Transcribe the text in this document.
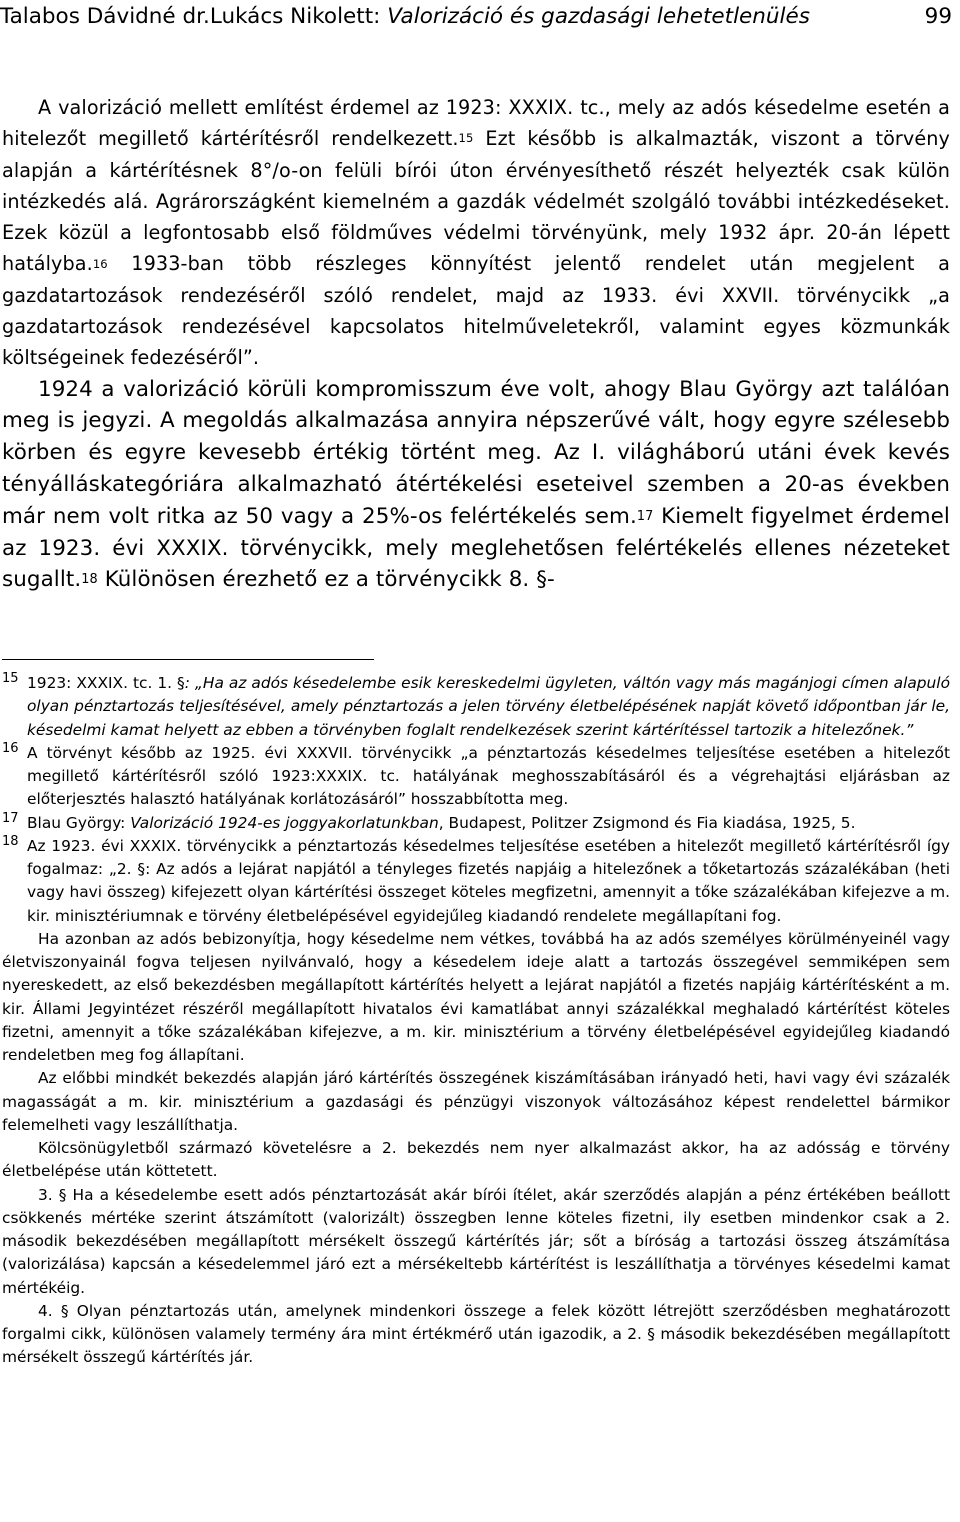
Talabos Dávidné dr.Lukács Nikolett: Valorizáció és gazdasági lehetetlenülés	99

A valorizáció mellett említést érdemel az 1923: XXXIX. tc., mely az adós késedelme esetén a hitelezőt megillető kártérítésről rendelkezett.$^{15}$ Ezt később is alkalmazták, viszont a törvény alapján a kártérítésnek 8°/o-on felüli bírói úton érvényesíthető részét helyezték csak külön intézkedés alá. Agrárországként kiemelném a gazdák védelmét szolgáló további intézkedéseket. Ezek közül a legfontosabb első földműves védelmi törvényünk, mely 1932 ápr. 20-án lépett hatályba.$^{16}$ 1933-ban több részleges könnyítést jelentő rendelet után megjelent a gazdatartozások rendezéséről szóló rendelet, majd az 1933. évi XXVII. törvénycikk „a gazdatartozások rendezésével kapcsolatos hitelműveletekről, valamint egyes közmunkák költségeinek fedezéséről”.

1924 a valorizáció körüli kompromisszum éve volt, ahogy Blau György azt találóan meg is jegyzi. A megoldás alkalmazása annyira népszerűvé vált, hogy egyre szélesebb körben és egyre kevesebb értékig történt meg. Az I. világháború utáni évek kevés tényálláskategóriára alkalmazható átértékelési eseteivel szemben a 20-as években már nem volt ritka az 50 vagy a 25%-os felértékelés sem.$^{17}$ Kiemelt figyelmet érdemel az 1923. évi XXXIX. törvénycikk, mely meglehetősen felértékelés ellenes nézeteket sugallt.$^{18}$ Különösen érezhető ez a törvénycikk 8. §-

15 1923: XXXIX. tc. 1. §: „Ha az adós késedelembe esik kereskedelmi ügyleten, váltón vagy más magánjogi címen alapuló olyan pénztartozás teljesítésével, amely pénztartozás a jelen törvény életbelépésének napját követő időpontban jár le, késedelmi kamat helyett az ebben a törvényben foglalt rendelkezések szerint kártérítéssel tartozik a hitelezőnek.”
16 A törvényt később az 1925. évi XXXVII. törvénycikk „a pénztartozás késedelmes teljesítése esetében a hitelezőt megillető kártérítésről szóló 1923:XXXIX. tc. hatályának meghosszabításáról és a végrehajtási eljárásban az előterjesztés halasztó hatályának korlátozásáról” hosszabbította meg.
17 Blau György: Valorizáció 1924-es joggyakorlatunkban, Budapest, Politzer Zsigmond és Fia kiadása, 1925, 5.
18 Az 1923. évi XXXIX. törvénycikk a pénztartozás késedelmes teljesítése esetében a hitelezőt megillető kártérítésről így fogalmaz: „2. §: Az adós a lejárat napjától a tényleges fizetés napjáig a hitelezőnek a tőketartozás százalékában (heti vagy havi összeg) kifejezett olyan kártérítési összeget köteles megfizetni, amennyit a tőke százalékában kifejezve a m. kir. minisztériumnak e törvény életbelépésével egyidejűleg kiadandó rendelete megállapítani fog.

Ha azonban az adós bebizonyítja, hogy késedelme nem vétkes, továbbá ha az adós személyes körülményeinél vagy életviszonyainál fogva teljesen nyilvánvaló, hogy a késedelem ideje alatt a tartozás összegével semmiképen sem nyereskedett, az első bekezdésben megállapított kártérítés helyett a lejárat napjától a fizetés napjáig kártérítésként a m. kir. Állami Jegyintézet részéről megállapított hivatalos évi kamatlábat annyi százalékkal meghaladó kártérítést köteles fizetni, amennyit a tőke százalékában kifejezve, a m. kir. minisztérium a törvény életbelépésével egyidejűleg kiadandó rendeletben meg fog állapítani.

Az előbbi mindkét bekezdés alapján járó kártérítés összegének kiszámításában irányadó heti, havi vagy évi százalék magasságát a m. kir. minisztérium a gazdasági és pénzügyi viszonyok változásához képest rendelettel bármikor felemelheti vagy leszállíthatja.

Kölcsönügyletből származó követelésre a 2. bekezdés nem nyer alkalmazást akkor, ha az adósság e törvény életbelépése után köttetett.

3. § Ha a késedelembe esett adós pénztartozását akár bírói ítélet, akár szerződés alapján a pénz értékében beállott csökkenés mértéke szerint átszámított (valorizált) összegben lenne köteles fizetni, ily esetben mindenkor csak a 2. második bekezdésében megállapított mérsékelt összegű kártérítés jár; sőt a bíróság a tartozási összeg átszámítása (valorizálása) kapcsán a késedelemmel járó ezt a mérsékeltebb kártérítést is leszállíthatja a törvényes késedelmi kamat mértékéig.

4. § Olyan pénztartozás után, amelynek mindenkori összege a felek között létrejött szerződésben meghatározott forgalmi cikk, különösen valamely termény ára mint értékmérő után igazodik, a 2. § második bekezdésében megállapított mérsékelt összegű kártérítés jár.
